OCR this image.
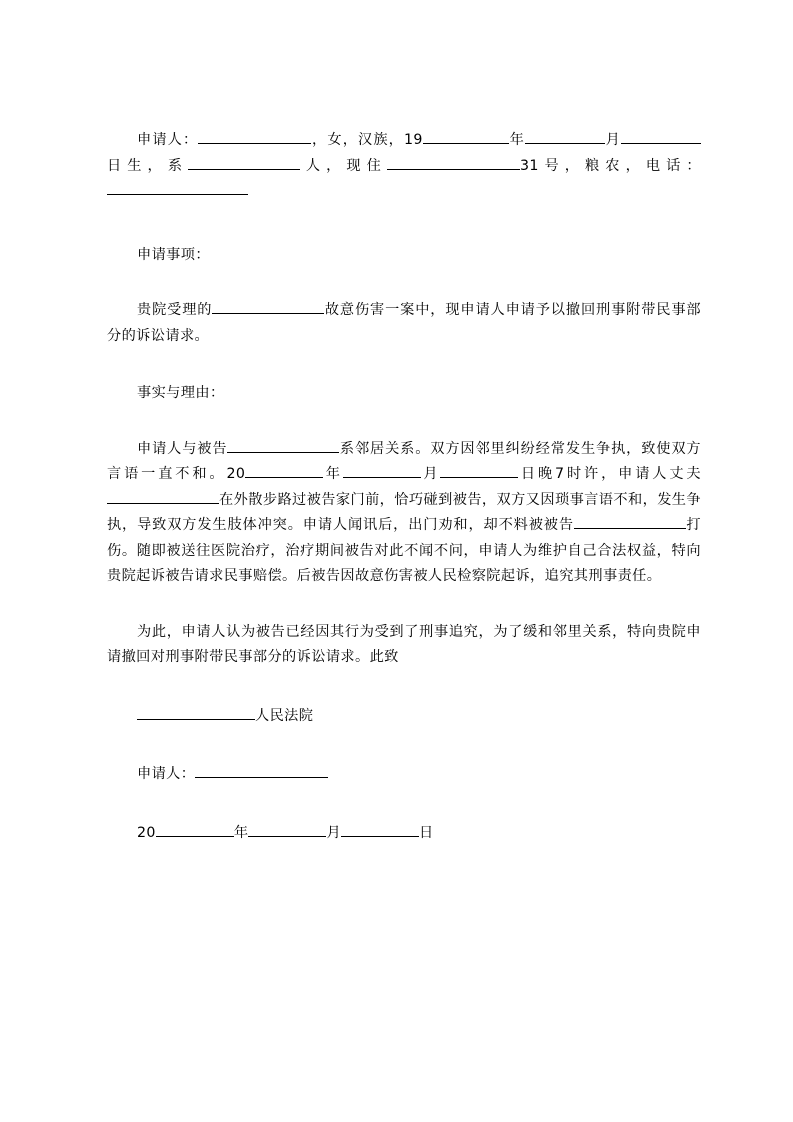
申请人：	，女，汉族，19	年	月日生，系	人，现住	31号，粮农，电话：

申请事项：

贵院受理的	故意伤害一案中，现申请人申请予以撤回刑事附带民事部分的诉讼请求。

事实与理由：

申请人与被告	系邻居关系。双方因邻里纠纷经常发生争执，致使双方言语一直不和。20	年	月	日晚7时许，申请人丈夫在外散步路过被告家门前，恰巧碰到被告，双方又因琐事言语不和，发生争执，导致双方发生肢体冲突。申请人闻讯后，出门劝和，却不料被被告	打伤。随即被送往医院治疗，治疗期间被告对此不闻不问，申请人为维护自己合法权益，特向贵院起诉被告请求民事赔偿。后被告因故意伤害被人民检察院起诉，追究其刑事责任。

为此，申请人认为被告已经因其行为受到了刑事追究，为了缓和邻里关系，特向贵院申请撤回对刑事附带民事部分的诉讼请求。此致

人民法院

申请人：

20	年	月	日
